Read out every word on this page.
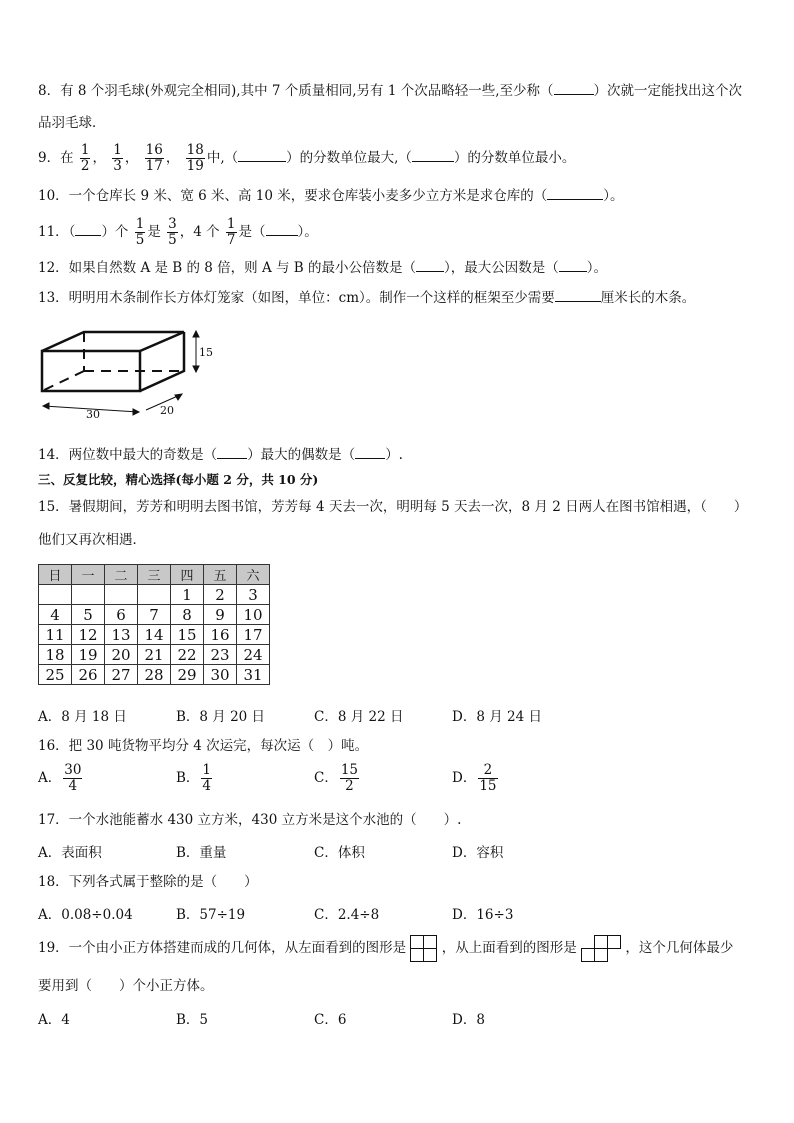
8．有 8 个羽毛球(外观完全相同),其中 7 个质量相同,另有 1 个次品略轻一些,至少称（	）次就一定能找出这个次
品羽毛球．
9．在 $\frac{1}{2}$ ， $\frac{1}{3}$ ， $\frac{16}{17}$ ， $\frac{18}{19}$ 中,（	）的分数单位最大,（	）的分数单位最小。
10．一个仓库长 9 米、宽 6 米、高 10 米，要求仓库装小麦多少立方米是求仓库的（	）。
11．（ ）个 $\frac{1}{5}$ 是 $\frac{3}{5}$ ，4 个 $\frac{1}{7}$ 是（ ）。
12．如果自然数 A 是 B 的 8 倍，则 A 与 B 的最小公倍数是（ ），最大公因数是（ ）。
13．明明用木条制作长方体灯笼家（如图，单位：cm）。制作一个这样的框架至少需要	厘米长的木条。
15
30	20
14．两位数中最大的奇数是（ ）最大的偶数是（ ）.
三、反复比较，精心选择(每小题 2 分，共 10 分)
15．暑假期间，芳芳和明明去图书馆，芳芳每 4 天去一次，明明每 5 天去一次，8 月 2 日两人在图书馆相遇，（　　）
他们又再次相遇．
日	一	二	三	四	五	六
				1	2	3
4	5	6	7	8	9	10
11	12	13	14	15	16	17
18	19	20	21	22	23	24
25	26	27	28	29	30	31
A．8 月 18 日	B．8 月 20 日	C．8 月 22 日	D．8 月 24 日
16．把 30 吨货物平均分 4 次运完，每次运（　）吨。
A． $\frac{30}{4}$	B． $\frac{1}{4}$	C． $\frac{15}{2}$	D． $\frac{2}{15}$
17．一个水池能蓄水 430 立方米，430 立方米是这个水池的（　　）.
A．表面积	B．重量	C．体积	D．容积
18．下列各式属于整除的是（　　）
A．0.08÷0.04	B．57÷19	C．2.4÷8	D．16÷3
19．一个由小正方体搭建而成的几何体，从左面看到的图形是	，从上面看到的图形是	，这个几何体最少
要用到（　　）个小正方体。
A．4	B．5	C．6	D．8
